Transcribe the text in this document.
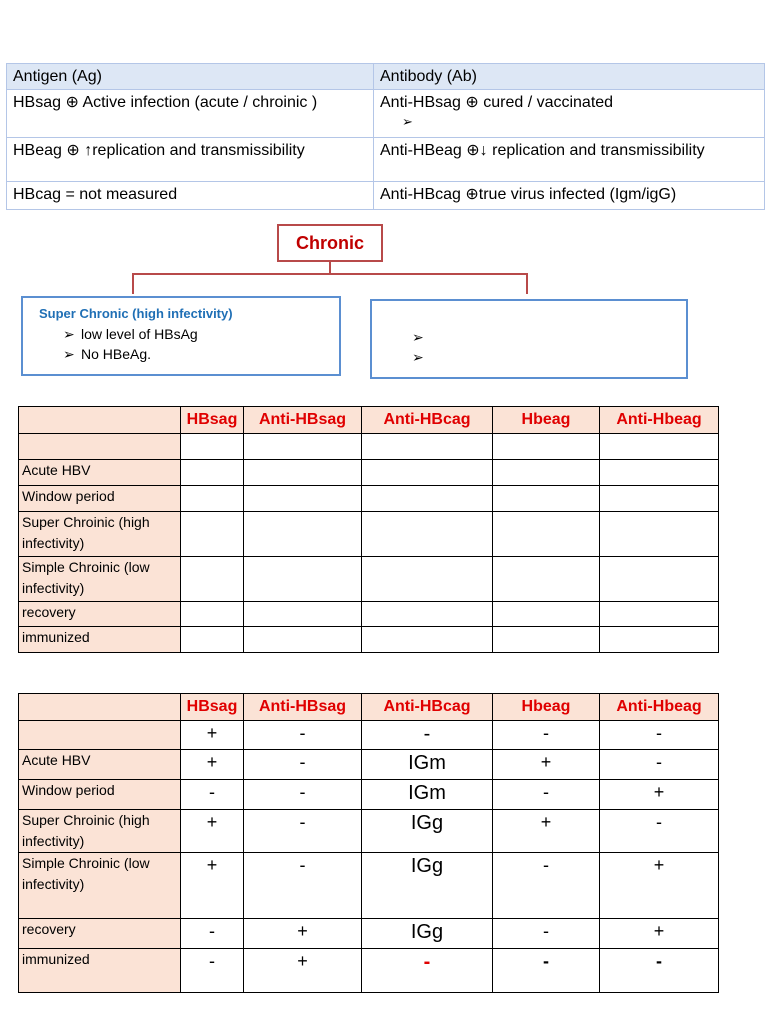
Antigen (Ag)	Antibody (Ab)
HBsag ⊕ Active infection (acute / chroinic )	Anti-HBsag ⊕ cured / vaccinated
➢

HBeag ⊕ ↑replication and transmissibility	Anti-HBeag ⊕↓ replication and transmissibility
HBcag = not measured	Anti-HBcag ⊕true virus infected (Igm/igG)
Chronic
Super Chronic (high infectivity)
➢ low level of HBsAg
➢ No HBeAg.
➢
➢
	HBsag	Anti-HBsag	Anti-HBcag	Hbeag	Anti-Hbeag

Acute HBV					
Window period					
Super Chroinic (high infectivity)					
Simple Chroinic (low infectivity)					
recovery					
immunized					
	HBsag	Anti-HBsag	Anti-HBcag	Hbeag	Anti-Hbeag
	+	-	-	-	-
Acute HBV	+	-	IGm	+	-
Window period	-	-	IGm	-	+
Super Chroinic (high infectivity)	+	-	IGg	+	-
Simple Chroinic (low infectivity)	+	-	IGg	-	+
recovery	-	+	IGg	-	+
immunized	-	+	-	-	-
